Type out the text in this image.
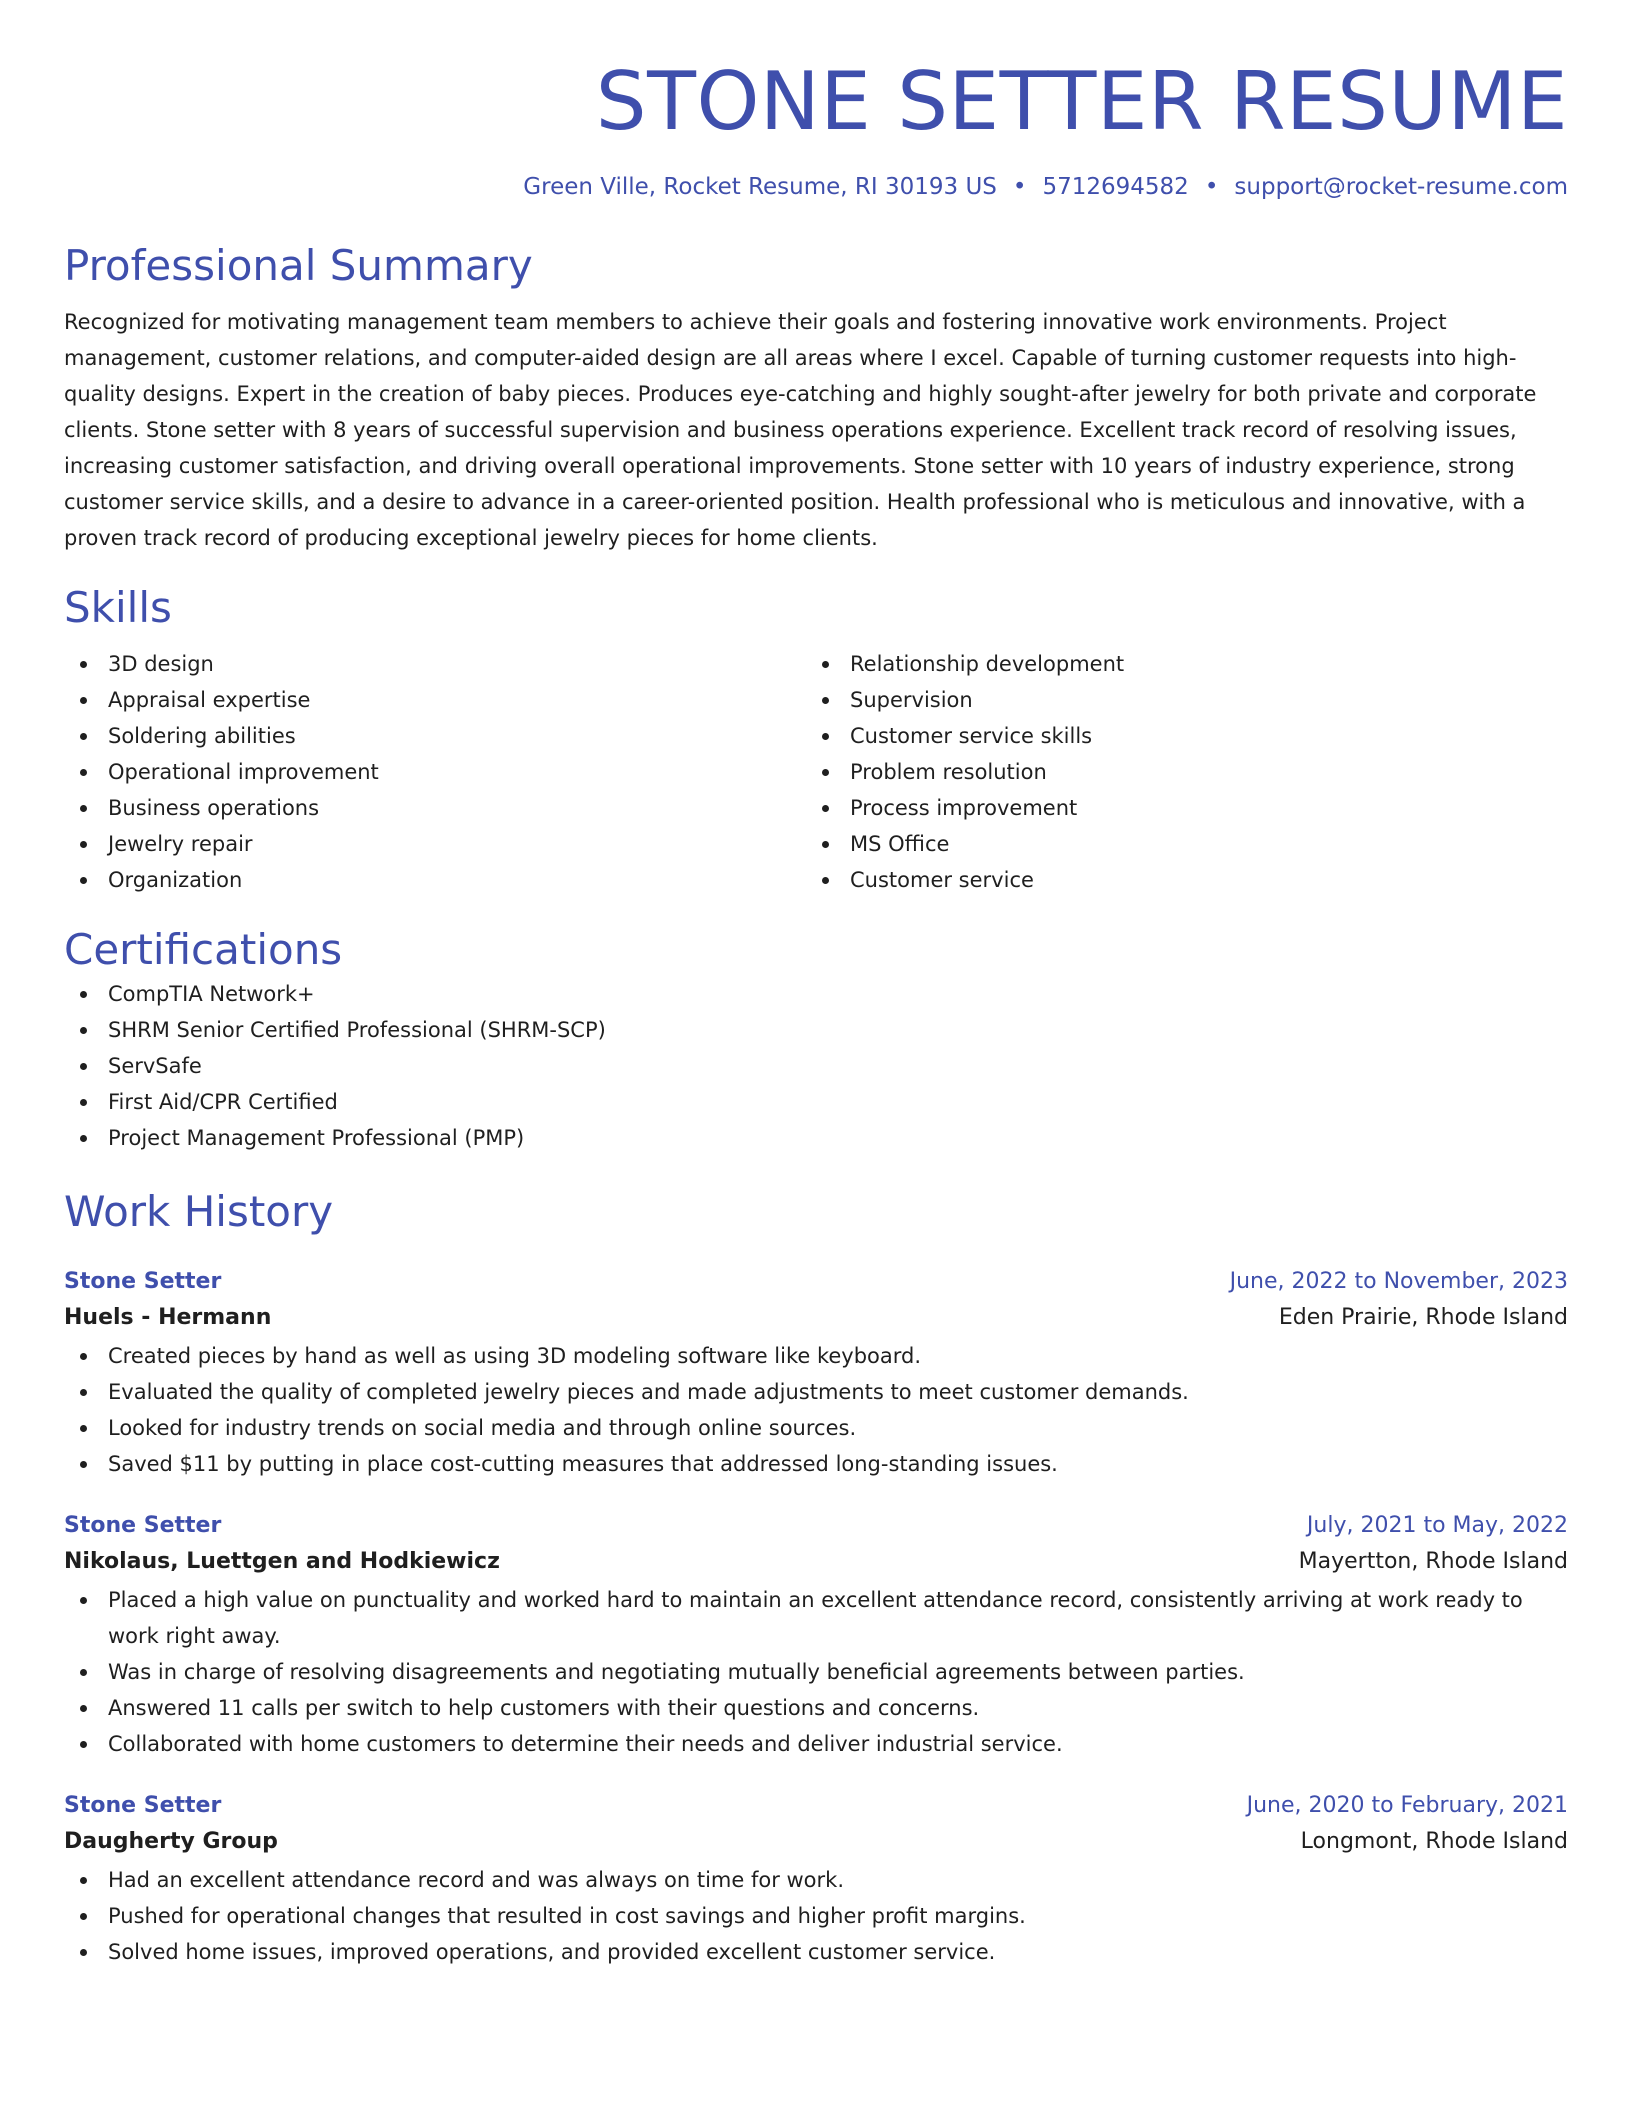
STONE SETTER RESUME
Green Ville, Rocket Resume, RI 30193 US • 5712694582 • support@rocket-resume.com
Professional Summary

Recognized for motivating management team members to achieve their goals and fostering innovative work environments. Project management, customer relations, and computer-aided design are all areas where I excel. Capable of turning customer requests into high-quality designs. Expert in the creation of baby pieces. Produces eye-catching and highly sought-after jewelry for both private and corporate clients. Stone setter with 8 years of successful supervision and business operations experience. Excellent track record of resolving issues, increasing customer satisfaction, and driving overall operational improvements. Stone setter with 10 years of industry experience, strong customer service skills, and a desire to advance in a career-oriented position. Health professional who is meticulous and innovative, with a proven track record of producing exceptional jewelry pieces for home clients.

Skills
3D design
Appraisal expertise
Soldering abilities
Operational improvement
Business operations
Jewelry repair
Organization
Relationship development
Supervision
Customer service skills
Problem resolution
Process improvement
MS Office
Customer service
Certifications
CompTIA Network+
SHRM Senior Certified Professional (SHRM-SCP)
ServSafe
First Aid/CPR Certified
Project Management Professional (PMP)
Work History
Stone Setter	June, 2022 to November, 2023
Huels - Hermann	Eden Prairie, Rhode Island
Created pieces by hand as well as using 3D modeling software like keyboard.
Evaluated the quality of completed jewelry pieces and made adjustments to meet customer demands.
Looked for industry trends on social media and through online sources.
Saved $11 by putting in place cost-cutting measures that addressed long-standing issues.
Stone Setter	July, 2021 to May, 2022
Nikolaus, Luettgen and Hodkiewicz	Mayertton, Rhode Island
Placed a high value on punctuality and worked hard to maintain an excellent attendance record, consistently arriving at work ready to work right away.
Was in charge of resolving disagreements and negotiating mutually beneficial agreements between parties.
Answered 11 calls per switch to help customers with their questions and concerns.
Collaborated with home customers to determine their needs and deliver industrial service.
Stone Setter	June, 2020 to February, 2021
Daugherty Group	Longmont, Rhode Island
Had an excellent attendance record and was always on time for work.
Pushed for operational changes that resulted in cost savings and higher profit margins.
Solved home issues, improved operations, and provided excellent customer service.
